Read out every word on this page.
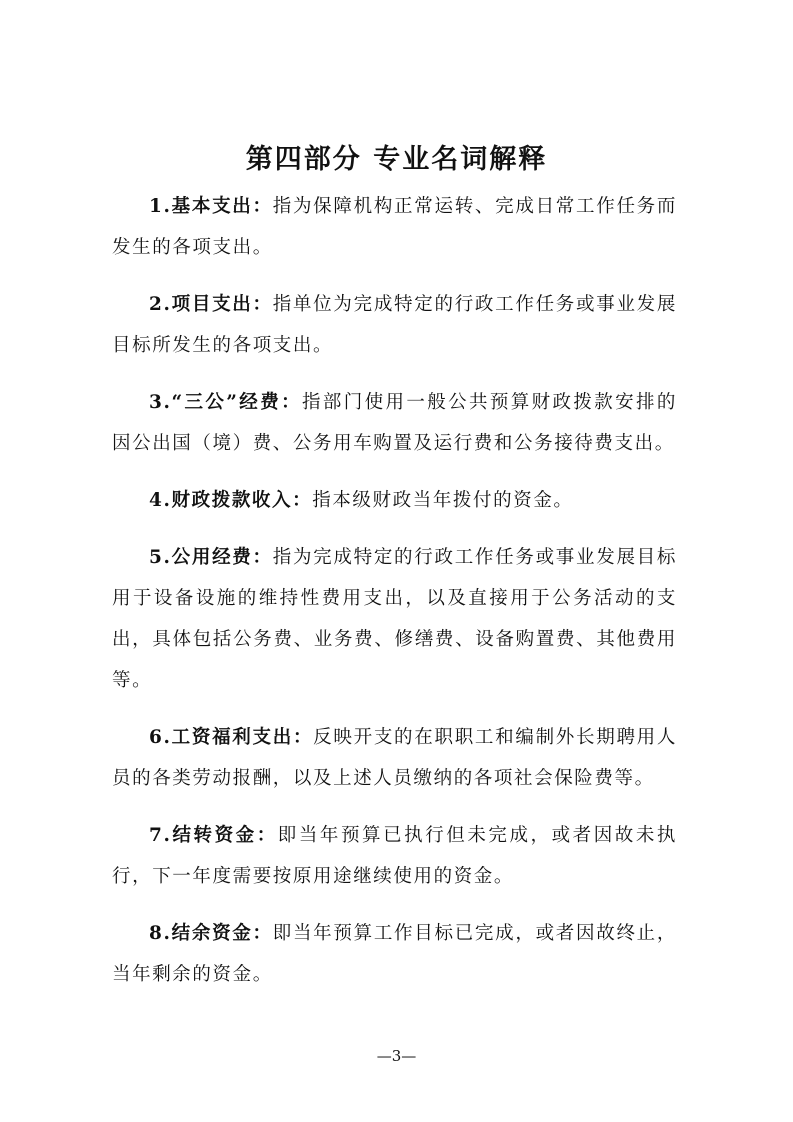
第四部分 专业名词解释

1.基本支出：指为保障机构正常运转、完成日常工作任务而发生的各项支出。

2.项目支出：指单位为完成特定的行政工作任务或事业发展目标所发生的各项支出。

3.“三公”经费：指部门使用一般公共预算财政拨款安排的因公出国（境）费、公务用车购置及运行费和公务接待费支出。

4.财政拨款收入：指本级财政当年拨付的资金。

5.公用经费：指为完成特定的行政工作任务或事业发展目标用于设备设施的维持性费用支出，以及直接用于公务活动的支出，具体包括公务费、业务费、修缮费、设备购置费、其他费用等。

6.工资福利支出：反映开支的在职职工和编制外长期聘用人员的各类劳动报酬，以及上述人员缴纳的各项社会保险费等。

7.结转资金：即当年预算已执行但未完成，或者因故未执行，下一年度需要按原用途继续使用的资金。

8.结余资金：即当年预算工作目标已完成，或者因故终止，当年剩余的资金。

—3—
